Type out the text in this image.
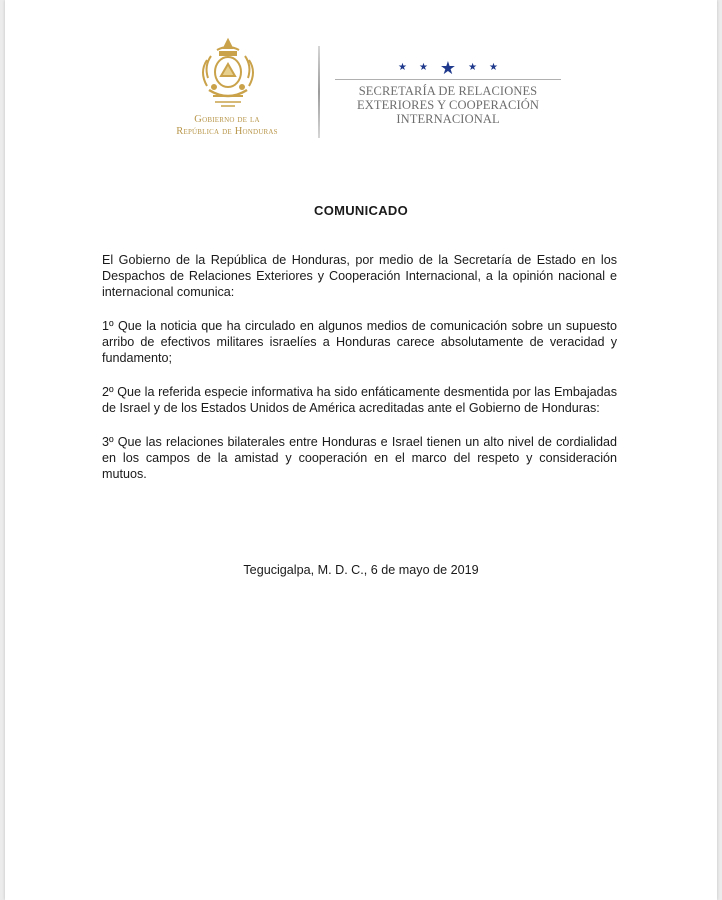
Gobierno de la
República de Honduras
★ ★ ★ ★ ★
SECRETARÍA DE RELACIONES
EXTERIORES Y COOPERACIÓN
INTERNACIONAL
COMUNICADO

El Gobierno de la República de Honduras, por medio de la Secretaría de Estado en los Despachos de Relaciones Exteriores y Cooperación Internacional, a la opinión nacional e internacional comunica:

1º Que la noticia que ha circulado en algunos medios de comunicación sobre un supuesto arribo de efectivos militares israelíes a Honduras carece absolutamente de veracidad y fundamento;

2º Que la referida especie informativa ha sido enfáticamente desmentida por las Embajadas de Israel y de los Estados Unidos de América acreditadas ante el Gobierno de Honduras:

3º Que las relaciones bilaterales entre Honduras e Israel tienen un alto nivel de cordialidad en los campos de la amistad y cooperación en el marco del respeto y consideración mutuos.

Tegucigalpa, M. D. C., 6 de mayo de 2019
